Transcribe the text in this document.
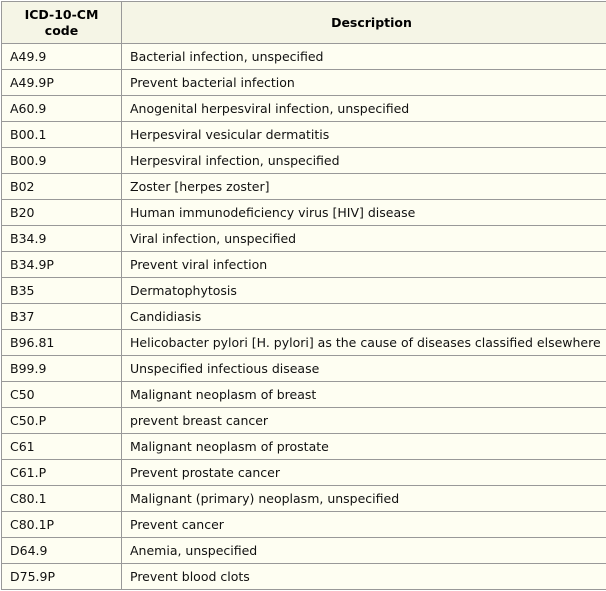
ICD-10-CM code	Description
A49.9	Bacterial infection, unspecified
A49.9P	Prevent bacterial infection
A60.9	Anogenital herpesviral infection, unspecified
B00.1	Herpesviral vesicular dermatitis
B00.9	Herpesviral infection, unspecified
B02	Zoster [herpes zoster]
B20	Human immunodeficiency virus [HIV] disease
B34.9	Viral infection, unspecified
B34.9P	Prevent viral infection
B35	Dermatophytosis
B37	Candidiasis
B96.81	Helicobacter pylori [H. pylori] as the cause of diseases classified elsewhere
B99.9	Unspecified infectious disease
C50	Malignant neoplasm of breast
C50.P	prevent breast cancer
C61	Malignant neoplasm of prostate
C61.P	Prevent prostate cancer
C80.1	Malignant (primary) neoplasm, unspecified
C80.1P	Prevent cancer
D64.9	Anemia, unspecified
D75.9P	Prevent blood clots
